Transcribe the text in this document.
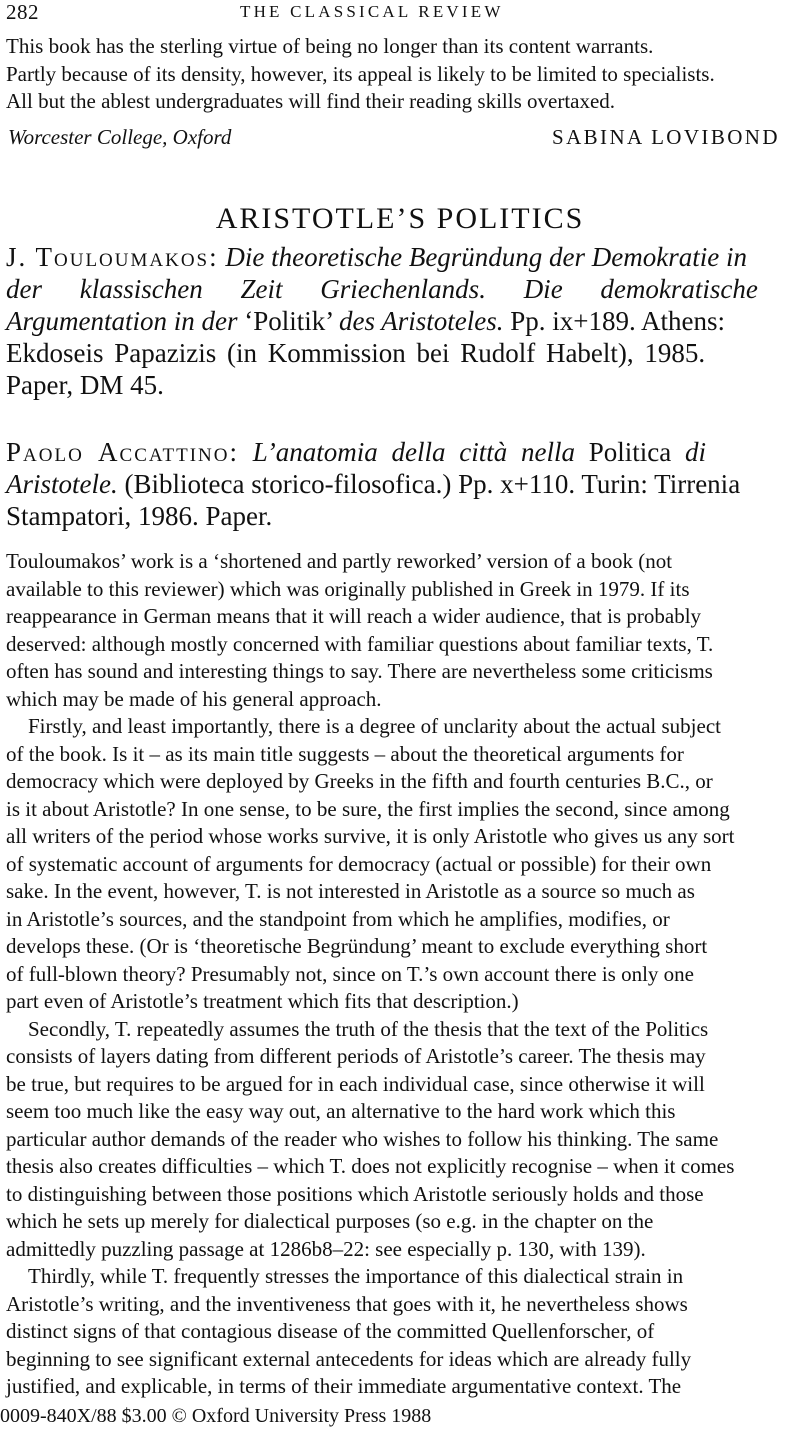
282	THE CLASSICAL REVIEW
This book has the sterling virtue of being no longer than its content warrants.
Partly because of its density, however, its appeal is likely to be limited to specialists.
All but the ablest undergraduates will find their reading skills overtaxed.
Worcester College, Oxford	SABINA LOVIBOND
ARISTOTLE’S POLITICS
J. Touloumakos: Die theoretische Begründung der Demokratie in
der klassischen Zeit Griechenlands. Die demokratische
Argumentation in der ‘Politik’ des Aristoteles. Pp. ix+189. Athens:
Ekdoseis Papazizis (in Kommission bei Rudolf Habelt), 1985.
Paper, DM 45.
Paolo Accattino: L’anatomia della città nella Politica di
Aristotele. (Biblioteca storico-filosofica.) Pp. x+110. Turin: Tirrenia
Stampatori, 1986. Paper.
Touloumakos’ work is a ‘shortened and partly reworked’ version of a book (not
available to this reviewer) which was originally published in Greek in 1979. If its
reappearance in German means that it will reach a wider audience, that is probably
deserved: although mostly concerned with familiar questions about familiar texts, T.
often has sound and interesting things to say. There are nevertheless some criticisms
which may be made of his general approach.
Firstly, and least importantly, there is a degree of unclarity about the actual subject
of the book. Is it – as its main title suggests – about the theoretical arguments for
democracy which were deployed by Greeks in the fifth and fourth centuries B.C., or
is it about Aristotle? In one sense, to be sure, the first implies the second, since among
all writers of the period whose works survive, it is only Aristotle who gives us any sort
of systematic account of arguments for democracy (actual or possible) for their own
sake. In the event, however, T. is not interested in Aristotle as a source so much as
in Aristotle’s sources, and the standpoint from which he amplifies, modifies, or
develops these. (Or is ‘theoretische Begründung’ meant to exclude everything short
of full-blown theory? Presumably not, since on T.’s own account there is only one
part even of Aristotle’s treatment which fits that description.)
Secondly, T. repeatedly assumes the truth of the thesis that the text of the Politics
consists of layers dating from different periods of Aristotle’s career. The thesis may
be true, but requires to be argued for in each individual case, since otherwise it will
seem too much like the easy way out, an alternative to the hard work which this
particular author demands of the reader who wishes to follow his thinking. The same
thesis also creates difficulties – which T. does not explicitly recognise – when it comes
to distinguishing between those positions which Aristotle seriously holds and those
which he sets up merely for dialectical purposes (so e.g. in the chapter on the
admittedly puzzling passage at 1286b8–22: see especially p. 130, with 139).
Thirdly, while T. frequently stresses the importance of this dialectical strain in
Aristotle’s writing, and the inventiveness that goes with it, he nevertheless shows
distinct signs of that contagious disease of the committed Quellenforscher, of
beginning to see significant external antecedents for ideas which are already fully
justified, and explicable, in terms of their immediate argumentative context. The
0009-840X/88 $3.00 © Oxford University Press 1988
